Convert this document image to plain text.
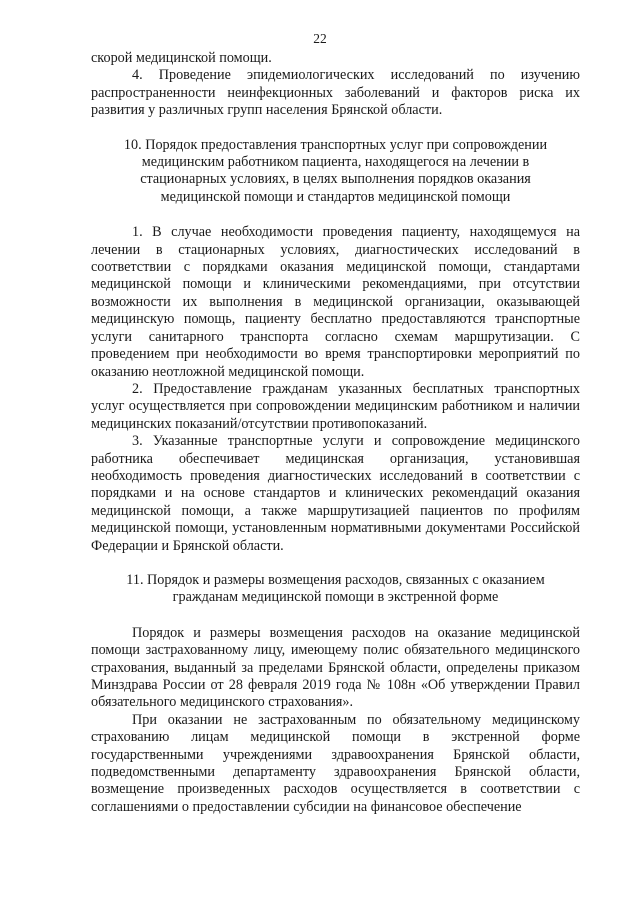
22

скорой медицинской помощи.

4. Проведение эпидемиологических исследований по изучению распространенности неинфекционных заболеваний и факторов риска их развития у различных групп населения Брянской области.

10. Порядок предоставления транспортных услуг при сопровождении медицинским работником пациента, находящегося на лечении в стационарных условиях, в целях выполнения порядков оказания медицинской помощи и стандартов медицинской помощи

1. В случае необходимости проведения пациенту, находящемуся на лечении в стационарных условиях, диагностических исследований в соответствии с порядками оказания медицинской помощи, стандартами медицинской помощи и клиническими рекомендациями, при отсутствии возможности их выполнения в медицинской организации, оказывающей медицинскую помощь, пациенту бесплатно предоставляются транспортные услуги санитарного транспорта согласно схемам маршрутизации. С проведением при необходимости во время транспортировки мероприятий по оказанию неотложной медицинской помощи.

2. Предоставление гражданам указанных бесплатных транспортных услуг осуществляется при сопровождении медицинским работником и наличии медицинских показаний/отсутствии противопоказаний.

3. Указанные транспортные услуги и сопровождение медицинского работника обеспечивает медицинская организация, установившая необходимость проведения диагностических исследований в соответствии с порядками и на основе стандартов и клинических рекомендаций оказания медицинской помощи, а также маршрутизацией пациентов по профилям медицинской помощи, установленным нормативными документами Российской Федерации и Брянской области.

11. Порядок и размеры возмещения расходов, связанных с оказанием гражданам медицинской помощи в экстренной форме

Порядок и размеры возмещения расходов на оказание медицинской помощи застрахованному лицу, имеющему полис обязательного медицинского страхования, выданный за пределами Брянской области, определены приказом Минздрава России от 28 февраля 2019 года № 108н «Об утверждении Правил обязательного медицинского страхования».

При оказании не застрахованным по обязательному медицинскому страхованию лицам медицинской помощи в экстренной форме государственными учреждениями здравоохранения Брянской области, подведомственными департаменту здравоохранения Брянской области, возмещение произведенных расходов осуществляется в соответствии с соглашениями о предоставлении субсидии на финансовое обеспечение
